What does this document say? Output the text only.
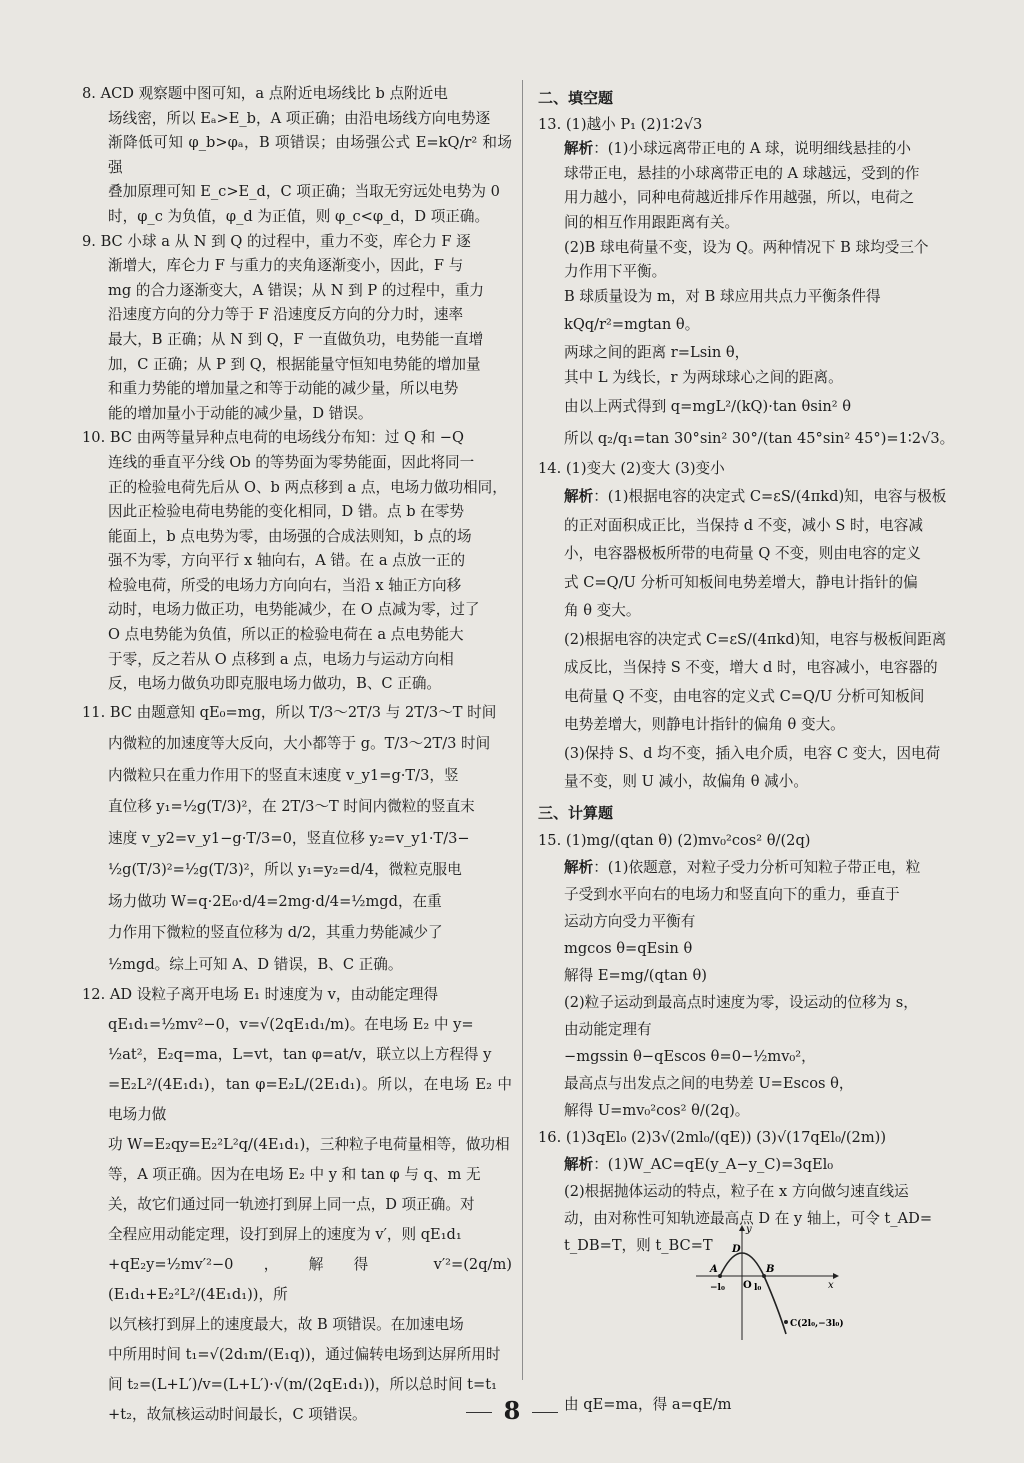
8. ACD 观察题中图可知，a 点附近电场线比 b 点附近电

场线密，所以 Eₐ>E_b，A 项正确；由沿电场线方向电势逐

渐降低可知 φ_b>φₐ，B 项错误；由场强公式 E=kQ/r² 和场强

叠加原理可知 E_c>E_d，C 项正确；当取无穷远处电势为 0

时，φ_c 为负值，φ_d 为正值，则 φ_c<φ_d，D 项正确。

9. BC 小球 a 从 N 到 Q 的过程中，重力不变，库仑力 F 逐

渐增大，库仑力 F 与重力的夹角逐渐变小，因此，F 与

mg 的合力逐渐变大，A 错误；从 N 到 P 的过程中，重力

沿速度方向的分力等于 F 沿速度反方向的分力时，速率

最大，B 正确；从 N 到 Q，F 一直做负功，电势能一直增

加，C 正确；从 P 到 Q，根据能量守恒知电势能的增加量

和重力势能的增加量之和等于动能的减少量，所以电势

能的增加量小于动能的减少量，D 错误。

10. BC 由两等量异种点电荷的电场线分布知：过 Q 和 −Q

连线的垂直平分线 Ob 的等势面为零势能面，因此将同一

正的检验电荷先后从 O、b 两点移到 a 点，电场力做功相同，

因此正检验电荷电势能的变化相同，D 错。点 b 在零势

能面上，b 点电势为零，由场强的合成法则知，b 点的场

强不为零，方向平行 x 轴向右，A 错。在 a 点放一正的

检验电荷，所受的电场力方向向右，当沿 x 轴正方向移

动时，电场力做正功，电势能减少，在 O 点减为零，过了

O 点电势能为负值，所以正的检验电荷在 a 点电势能大

于零，反之若从 O 点移到 a 点，电场力与运动方向相

反，电场力做负功即克服电场力做功，B、C 正确。

11. BC 由题意知 qE₀=mg，所以 T/3～2T/3 与 2T/3～T 时间

内微粒的加速度等大反向，大小都等于 g。T/3～2T/3 时间

内微粒只在重力作用下的竖直末速度 v_y1=g·T/3，竖

直位移 y₁=½g(T/3)²，在 2T/3～T 时间内微粒的竖直末

速度 v_y2=v_y1−g·T/3=0，竖直位移 y₂=v_y1·T/3−

½g(T/3)²=½g(T/3)²，所以 y₁=y₂=d/4，微粒克服电

场力做功 W=q·2E₀·d/4=2mg·d/4=½mgd，在重

力作用下微粒的竖直位移为 d/2，其重力势能减少了

½mgd。综上可知 A、D 错误，B、C 正确。

12. AD 设粒子离开电场 E₁ 时速度为 v，由动能定理得

qE₁d₁=½mv²−0，v=√(2qE₁d₁/m)。在电场 E₂ 中 y=

½at²，E₂q=ma，L=vt，tan φ=at/v，联立以上方程得 y

=E₂L²/(4E₁d₁)，tan φ=E₂L/(2E₁d₁)。所以，在电场 E₂ 中电场力做

功 W=E₂qy=E₂²L²q/(4E₁d₁)，三种粒子电荷量相等，做功相

等，A 项正确。因为在电场 E₂ 中 y 和 tan φ 与 q、m 无

关，故它们通过同一轨迹打到屏上同一点，D 项正确。对

全程应用动能定理，设打到屏上的速度为 v′，则 qE₁d₁

+qE₂y=½mv′²−0，解得 v′²=(2q/m)(E₁d₁+E₂²L²/(4E₁d₁))，所

以氕核打到屏上的速度最大，故 B 项错误。在加速电场

中所用时间 t₁=√(2d₁m/(E₁q))，通过偏转电场到达屏所用时

间 t₂=(L+L′)/v=(L+L′)·√(m/(2qE₁d₁))，所以总时间 t=t₁

+t₂，故氚核运动时间最长，C 项错误。

二、填空题

13. (1)越小 P₁ (2)1∶2√3

解析：(1)小球远离带正电的 A 球，说明细线悬挂的小

球带正电，悬挂的小球离带正电的 A 球越远，受到的作

用力越小，同种电荷越近排斥作用越强，所以，电荷之

间的相互作用跟距离有关。

(2)B 球电荷量不变，设为 Q。两种情况下 B 球均受三个

力作用下平衡。

B 球质量设为 m，对 B 球应用共点力平衡条件得

kQq/r²=mgtan θ。

两球之间的距离 r=Lsin θ，

其中 L 为线长，r 为两球球心之间的距离。

由以上两式得到 q=mgL²/(kQ)·tan θsin² θ

所以 q₂/q₁=tan 30°sin² 30°/(tan 45°sin² 45°)=1∶2√3。

14. (1)变大 (2)变大 (3)变小

解析：(1)根据电容的决定式 C=εS/(4πkd)知，电容与极板

的正对面积成正比，当保持 d 不变，减小 S 时，电容减

小，电容器极板所带的电荷量 Q 不变，则由电容的定义

式 C=Q/U 分析可知板间电势差增大，静电计指针的偏

角 θ 变大。

(2)根据电容的决定式 C=εS/(4πkd)知，电容与极板间距离

成反比，当保持 S 不变，增大 d 时，电容减小，电容器的

电荷量 Q 不变，由电容的定义式 C=Q/U 分析可知板间

电势差增大，则静电计指针的偏角 θ 变大。

(3)保持 S、d 均不变，插入电介质，电容 C 变大，因电荷

量不变，则 U 减小，故偏角 θ 减小。

三、计算题

15. (1)mg/(qtan θ) (2)mv₀²cos² θ/(2q)

解析：(1)依题意，对粒子受力分析可知粒子带正电，粒

子受到水平向右的电场力和竖直向下的重力，垂直于

运动方向受力平衡有

mgcos θ=qEsin θ

解得 E=mg/(qtan θ)

(2)粒子运动到最高点时速度为零，设运动的位移为 s，

由动能定理有

−mgssin θ−qEscos θ=0−½mv₀²，

最高点与出发点之间的电势差 U=Escos θ，

解得 U=mv₀²cos² θ/(2q)。

16. (1)3qEl₀ (2)3√(2ml₀/(qE)) (3)√(17qEl₀/(2m))

解析：(1)W_AC=qE(y_A−y_C)=3qEl₀

(2)根据抛体运动的特点，粒子在 x 方向做匀速直线运

动，由对称性可知轨迹最高点 D 在 y 轴上，可令 t_AD=

t_DB=T，则 t_BC=T

由 qE=ma，得 a=qE/m

y
x
D
A	B
O
−l₀	l₀
C(2l₀,−3l₀)
8
